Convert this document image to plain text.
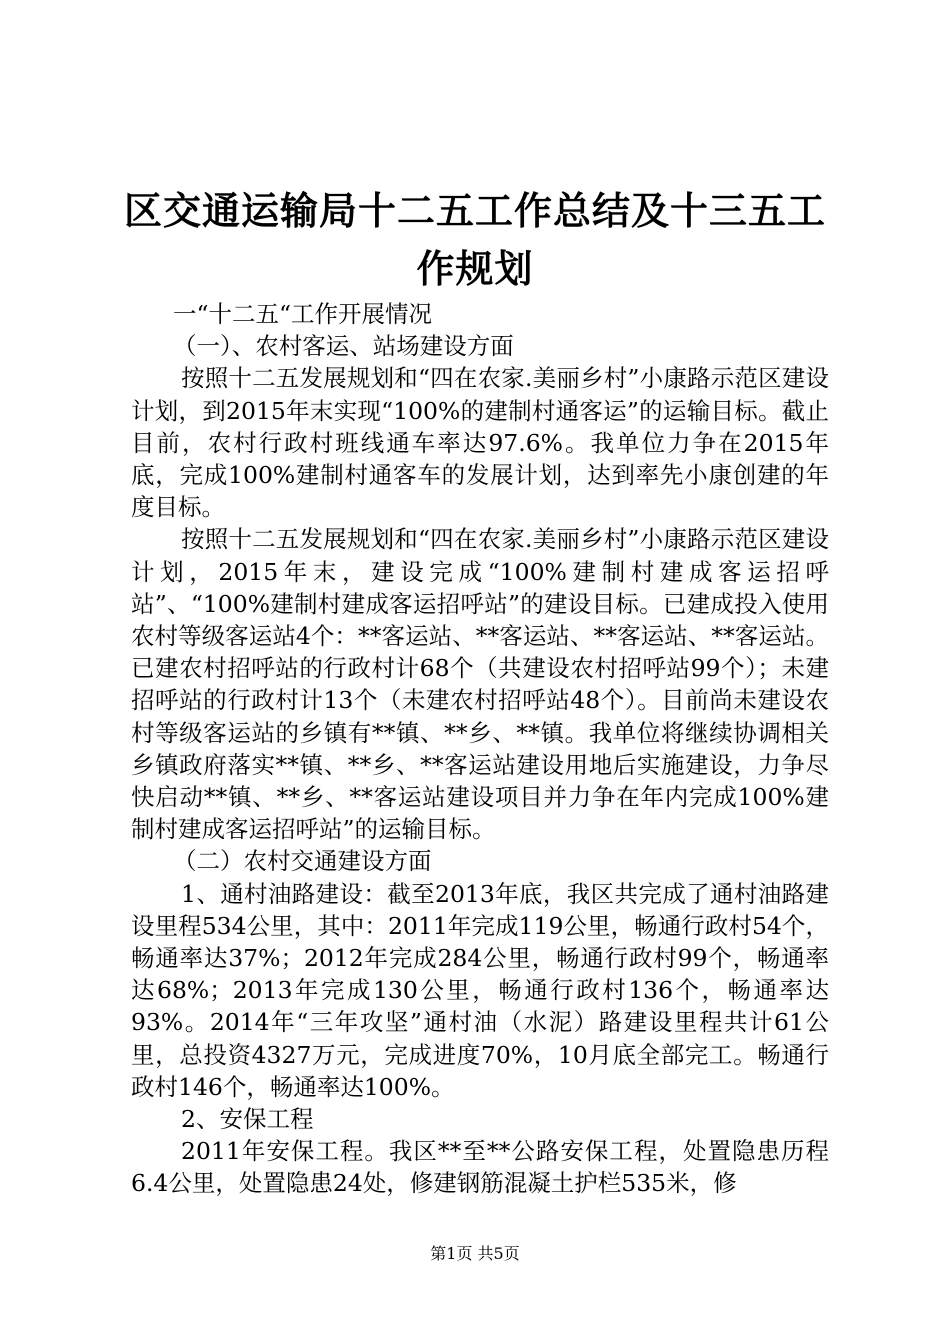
区交通运输局十二五工作总结及十三五工作规划

一“十二五“工作开展情况

（一）、农村客运、站场建设方面

按照十二五发展规划和“四在农家.美丽乡村”小康路示范区建设计划，到2015年末实现“100%的建制村通客运”的运输目标。截止目前，农村行政村班线通车率达97.6%。我单位力争在2015年底，完成100%建制村通客车的发展计划，达到率先小康创建的年度目标。

按照十二五发展规划和“四在农家.美丽乡村”小康路示范区建设计划，2015年末，建设完成“100%建制村建成客运招呼站”、“100%建制村建成客运招呼站”的建设目标。已建成投入使用农村等级客运站4个：**客运站、**客运站、**客运站、**客运站。已建农村招呼站的行政村计68个（共建设农村招呼站99个）；未建招呼站的行政村计13个（未建农村招呼站48个）。目前尚未建设农村等级客运站的乡镇有**镇、**乡、**镇。我单位将继续协调相关乡镇政府落实**镇、**乡、**客运站建设用地后实施建设，力争尽快启动**镇、**乡、**客运站建设项目并力争在年内完成100%建制村建成客运招呼站”的运输目标。

（二）农村交通建设方面

1、通村油路建设：截至2013年底，我区共完成了通村油路建设里程534公里，其中：2011年完成119公里，畅通行政村54个，畅通率达37%；2012年完成284公里，畅通行政村99个，畅通率达68%；2013年完成130公里，畅通行政村136个，畅通率达93%。2014年“三年攻坚”通村油（水泥）路建设里程共计61公里，总投资4327万元，完成进度70%，10月底全部完工。畅通行政村146个，畅通率达100%。

2、安保工程

2011年安保工程。我区**至**公路安保工程，处置隐患历程6.4公里，处置隐患24处，修建钢筋混凝土护栏535米，修

第1页 共5页
